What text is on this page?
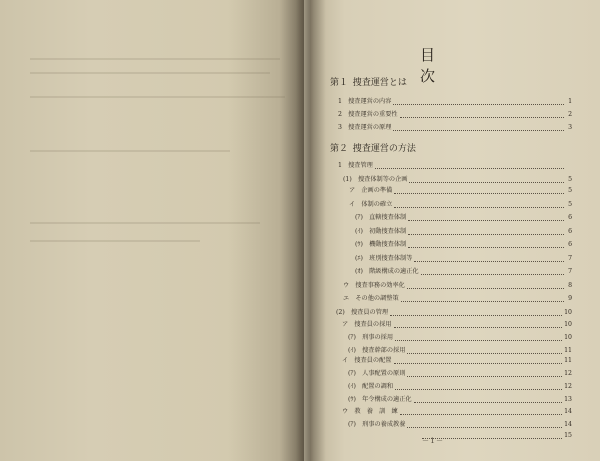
目　次
第１ 捜査運営とは
1　捜査運営の内容	1
2　捜査運営の重要性	2
3　捜査運営の原理	3
第２ 捜査運営の方法
1　捜査管理
(1)　捜査体制等の企画	5
ア　企画の準備	5
イ　体制の確立	5
(ｱ)　直轄捜査体制	6
(ｲ)　初動捜査体制	6
(ｳ)　機動捜査体制	6
(ｴ)　班別捜査体制等	7
(ｵ)　階級構成の適正化	7
ウ　捜査事務の効率化	8
エ　その他の調整策	9
(2)　捜査員の管理	10
ア　捜査員の採用	10
(ｱ)　刑事の採用	10
(ｲ)　捜査幹部の採用	11
イ　捜査員の配置	11
(ｱ)　人事配置の原則	12
(ｲ)　配置の調和	12
(ｳ)　年令構成の適正化	13
ウ　教　養　訓　練	14
(ｱ)　刑事の養成教養	14
15
－１－
